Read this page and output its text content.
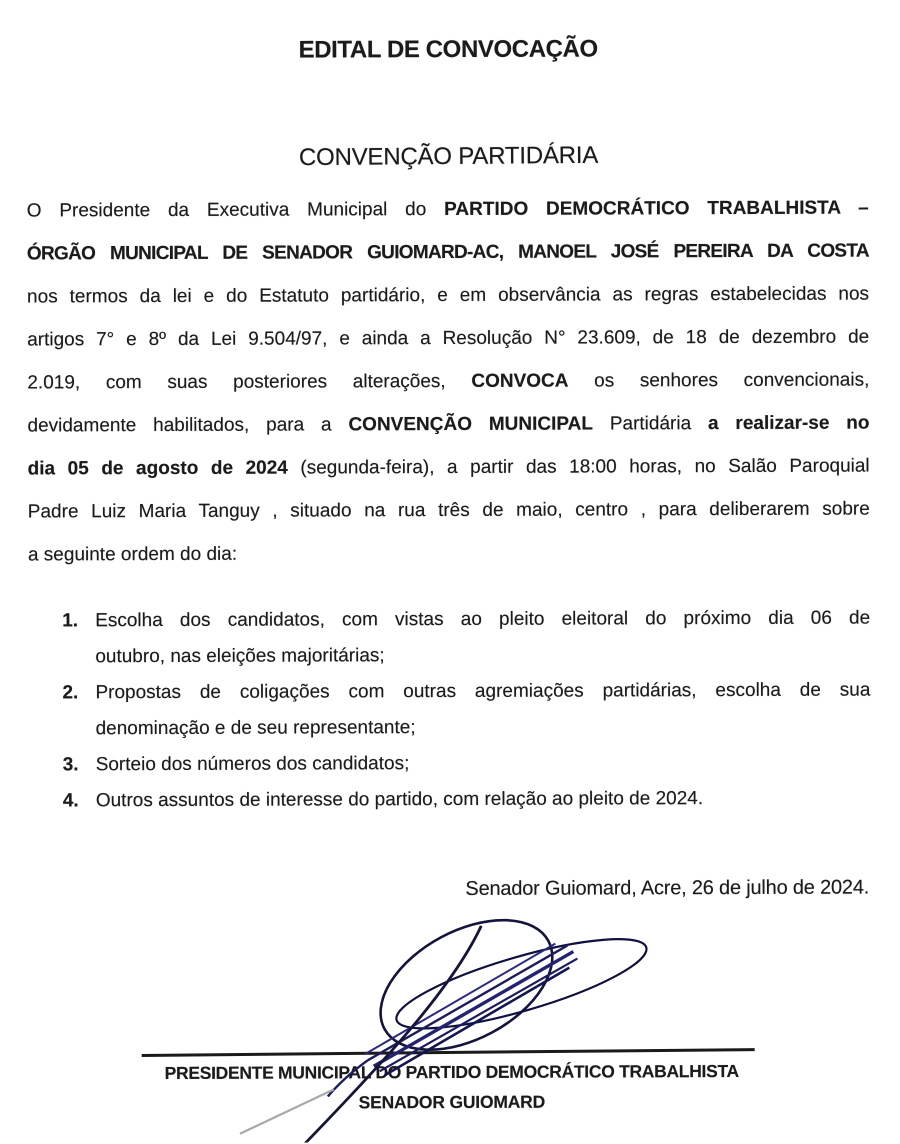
EDITAL DE CONVOCAÇÃO
CONVENÇÃO PARTIDÁRIA
O Presidente da Executiva Municipal do PARTIDO DEMOCRÁTICO TRABALHISTA –
ÓRGÃO MUNICIPAL DE SENADOR GUIOMARD-AC, MANOEL JOSÉ PEREIRA DA COSTA
nos termos da lei e do Estatuto partidário, e em observância as regras estabelecidas nos
artigos 7° e 8º da Lei 9.504/97, e ainda a Resolução N° 23.609, de 18 de dezembro de
2.019, com suas posteriores alterações, CONVOCA os senhores convencionais,
devidamente habilitados, para a CONVENÇÃO MUNICIPAL Partidária a realizar-se no
dia 05 de agosto de 2024 (segunda-feira), a partir das 18:00 horas, no Salão Paroquial
Padre Luiz Maria Tanguy , situado na rua três de maio, centro , para deliberarem sobre
a seguinte ordem do dia:
1. Escolha dos candidatos, com vistas ao pleito eleitoral do próximo dia 06 de
outubro, nas eleições majoritárias;
2. Propostas de coligações com outras agremiações partidárias, escolha de sua
denominação e de seu representante;
3. Sorteio dos números dos candidatos;
4. Outros assuntos de interesse do partido, com relação ao pleito de 2024.
Senador Guiomard, Acre, 26 de julho de 2024.
PRESIDENTE MUNICIPAL DO PARTIDO DEMOCRÁTICO TRABALHISTA
SENADOR GUIOMARD
